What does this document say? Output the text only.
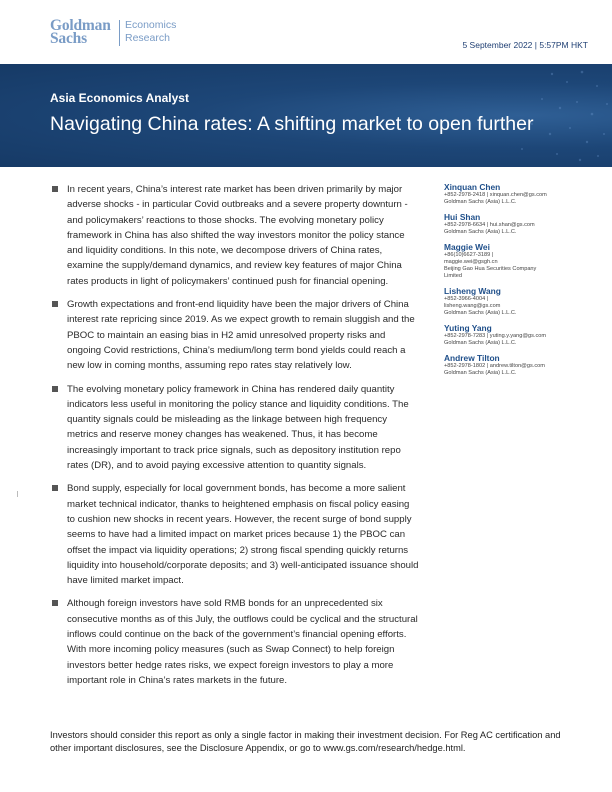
Goldman
Sachs
Economics
Research
5 September 2022 | 5:57PM HKT
Asia Economics Analyst
Navigating China rates: A shifting market to open further
In recent years, China’s interest rate market has been driven primarily by major adverse shocks - in particular Covid outbreaks and a severe property downturn - and policymakers’ reactions to those shocks. The evolving monetary policy framework in China has also shifted the way investors monitor the policy stance and liquidity conditions. In this note, we decompose drivers of China rates, examine the supply/demand dynamics, and review key features of major China rates products in light of policymakers’ continued push for financial opening.
Growth expectations and front-end liquidity have been the major drivers of China interest rate repricing since 2019. As we expect growth to remain sluggish and the PBOC to maintain an easing bias in H2 amid unresolved property risks and ongoing Covid restrictions, China’s medium/long term bond yields could reach a new low in coming months, assuming repo rates stay relatively low.
The evolving monetary policy framework in China has rendered daily quantity indicators less useful in monitoring the policy stance and liquidity conditions. The quantity signals could be misleading as the linkage between high frequency metrics and reserve money changes has weakened. Thus, it has become increasingly important to track price signals, such as depository institution repo rates (DR), and to avoid paying excessive attention to quantity signals.
Bond supply, especially for local government bonds, has become a more salient market technical indicator, thanks to heightened emphasis on fiscal policy easing to cushion new shocks in recent years. However, the recent surge of bond supply seems to have had a limited impact on market prices because 1) the PBOC can offset the impact via liquidity operations; 2) strong fiscal spending quickly returns liquidity into household/corporate deposits; and 3) well-anticipated issuance should have limited market impact.
Although foreign investors have sold RMB bonds for an unprecedented six consecutive months as of this July, the outflows could be cyclical and the structural inflows could continue on the back of the government’s financial opening efforts. With more incoming policy measures (such as Swap Connect) to help foreign investors better hedge rates risks, we expect foreign investors to play a more important role in China’s rates markets in the future.
Xinquan Chen
+852-2978-2418 | xinquan.chen@gs.com
Goldman Sachs (Asia) L.L.C.
Hui Shan
+852-2978-6634 | hui.shan@gs.com
Goldman Sachs (Asia) L.L.C.
Maggie Wei
+86(10)6627-3189 |
maggie.wei@gsgh.cn
Beijing Gao Hua Securities Company
Limited
Lisheng Wang
+852-3966-4004 |
lisheng.wang@gs.com
Goldman Sachs (Asia) L.L.C.
Yuting Yang
+852-2978-7283 | yuting.y.yang@gs.com
Goldman Sachs (Asia) L.L.C.
Andrew Tilton
+852-2978-1802 | andrew.tilton@gs.com
Goldman Sachs (Asia) L.L.C.
Investors should consider this report as only a single factor in making their investment decision. For Reg AC certification and other important disclosures, see the Disclosure Appendix, or go to www.gs.com/research/hedge.html.
